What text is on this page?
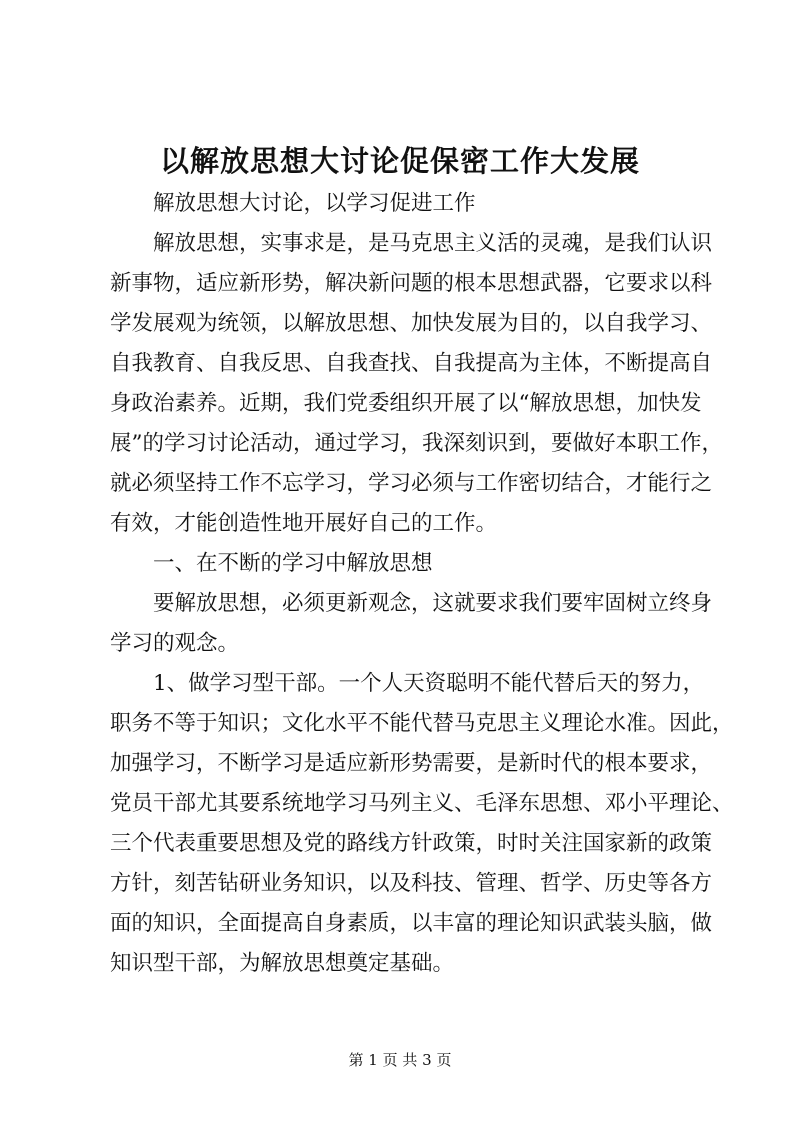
以解放思想大讨论促保密工作大发展
解放思想大讨论，以学习促进工作
解放思想，实事求是，是马克思主义活的灵魂，是我们认识
新事物，适应新形势，解决新问题的根本思想武器，它要求以科
学发展观为统领，以解放思想、加快发展为目的，以自我学习、
自我教育、自我反思、自我查找、自我提高为主体，不断提高自
身政治素养。近期，我们党委组织开展了以“解放思想，加快发
展”的学习讨论活动，通过学习，我深刻识到，要做好本职工作，
就必须坚持工作不忘学习，学习必须与工作密切结合，才能行之
有效，才能创造性地开展好自己的工作。
一、在不断的学习中解放思想
要解放思想，必须更新观念，这就要求我们要牢固树立终身
学习的观念。
1、做学习型干部。一个人天资聪明不能代替后天的努力，
职务不等于知识；文化水平不能代替马克思主义理论水准。因此，
加强学习，不断学习是适应新形势需要，是新时代的根本要求，
党员干部尤其要系统地学习马列主义、毛泽东思想、邓小平理论、
三个代表重要思想及党的路线方针政策，时时关注国家新的政策
方针，刻苦钻研业务知识，以及科技、管理、哲学、历史等各方
面的知识，全面提高自身素质，以丰富的理论知识武装头脑，做
知识型干部，为解放思想奠定基础。
第 1 页 共 3 页
